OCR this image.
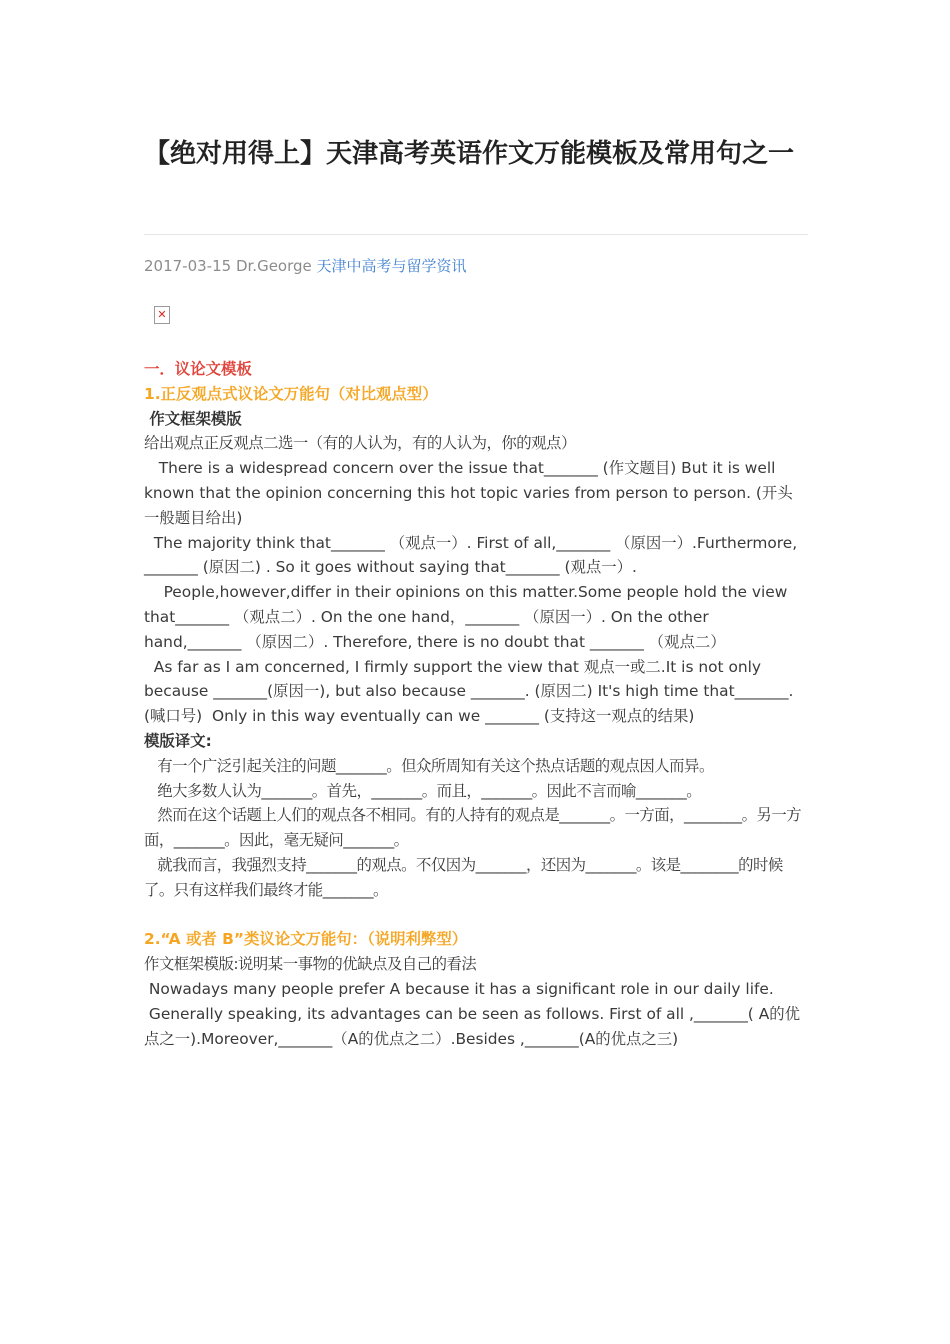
【绝对用得上】天津高考英语作文万能模板及常用句之一
2017-03-15 Dr.George 天津中高考与留学资讯
✕

一．议论文模板

1.正反观点式议论文万能句（对比观点型）

作文框架模版

给出观点正反观点二选一（有的人认为，有的人认为，你的观点）

There is a widespread concern over the issue that_______ (作文题目) But it is well known that the opinion concerning this hot topic varies from person to person. (开头一般题目给出)

The majority think that_______ （观点一）. First of all,_______ （原因一）.Furthermore, _______ (原因二) . So it goes without saying that_______ (观点一）.

People,however,differ in their opinions on this matter.Some people hold the view that_______ （观点二）. On the one hand，_______ （原因一）. On the other hand,_______ （原因二）. Therefore, there is no doubt that _______ （观点二）

As far as I am concerned, I firmly support the view that 观点一或二.It is not only because _______(原因一), but also because _______. (原因二) It's high time that_______. (喊口号)  Only in this way eventually can we _______ (支持这一观点的结果)

模版译文:

有一个广泛引起关注的问题_______。但众所周知有关这个热点话题的观点因人而异。

绝大多数人认为_______。首先，_______。而且，_______。因此不言而喻_______。

然而在这个话题上人们的观点各不相同。有的人持有的观点是_______。一方面，________。另一方面，_______。因此，毫无疑问_______。

就我而言，我强烈支持_______的观点。不仅因为_______，还因为_______。该是________的时候了。只有这样我们最终才能_______。

2.“A 或者 B”类议论文万能句：（说明利弊型）

作文框架模版:说明某一事物的优缺点及自己的看法

Nowadays many people prefer A because it has a significant role in our daily life.

Generally speaking, its advantages can be seen as follows. First of all ,_______( A的优点之一).Moreover,_______（A的优点之二）.Besides ,_______(A的优点之三)
